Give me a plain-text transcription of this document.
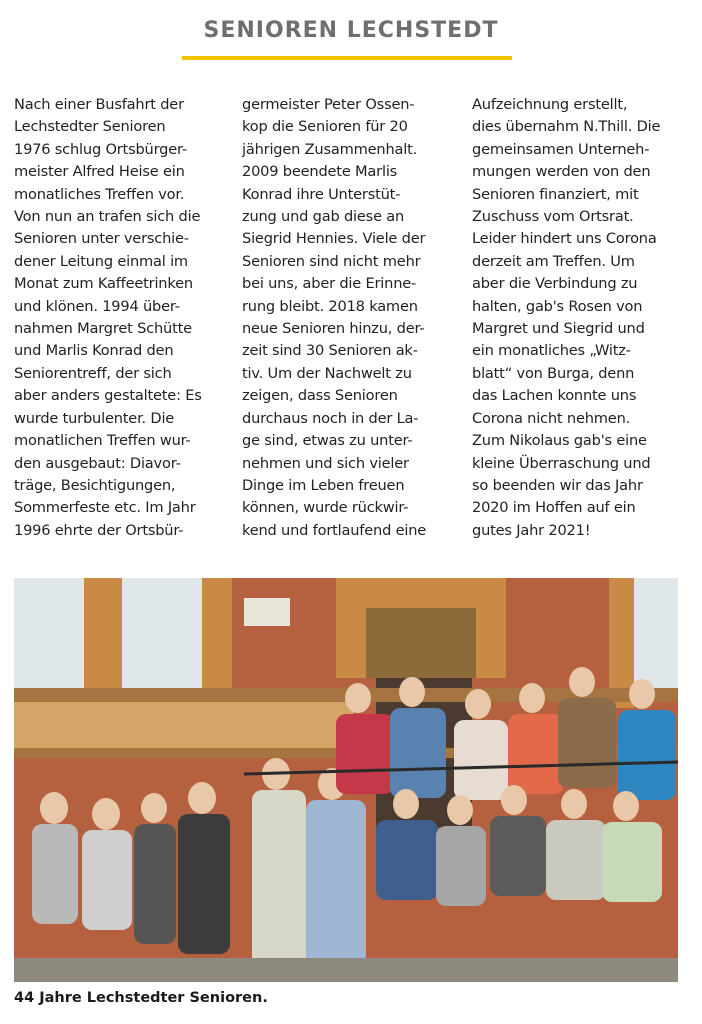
SENIOREN LECHSTEDT
Nach einer Busfahrt der
Lechstedter Senioren
1976 schlug Ortsbürger-
meister Alfred Heise ein
monatliches Treffen vor.
Von nun an trafen sich die
Senioren unter verschie-
dener Leitung einmal im
Monat zum Kaffeetrinken
und klönen. 1994 über-
nahmen Margret Schütte
und Marlis Konrad den
Seniorentreff, der sich
aber anders gestaltete: Es
wurde turbulenter. Die
monatlichen Treffen wur-
den ausgebaut: Diavor-
träge, Besichtigungen,
Sommerfeste etc. Im Jahr
1996 ehrte der Ortsbür-
germeister Peter Ossen-
kop die Senioren für 20
jährigen Zusammenhalt.
2009 beendete Marlis
Konrad ihre Unterstüt-
zung und gab diese an
Siegrid Hennies. Viele der
Senioren sind nicht mehr
bei uns, aber die Erinne-
rung bleibt. 2018 kamen
neue Senioren hinzu, der-
zeit sind 30 Senioren ak-
tiv. Um der Nachwelt zu
zeigen, dass Senioren
durchaus noch in der La-
ge sind, etwas zu unter-
nehmen und sich vieler
Dinge im Leben freuen
können, wurde rückwir-
kend und fortlaufend eine
Aufzeichnung erstellt,
dies übernahm N.Thill. Die
gemeinsamen Unterneh-
mungen werden von den
Senioren finanziert, mit
Zuschuss vom Ortsrat.
Leider hindert uns Corona
derzeit am Treffen. Um
aber die Verbindung zu
halten, gab's Rosen von
Margret und Siegrid und
ein monatliches „Witz-
blatt“ von Burga, denn
das Lachen konnte uns
Corona nicht nehmen.
Zum Nikolaus gab's eine
kleine Überraschung und
so beenden wir das Jahr
2020 im Hoffen auf ein
gutes Jahr 2021!
44 Jahre Lechstedter Senioren.
